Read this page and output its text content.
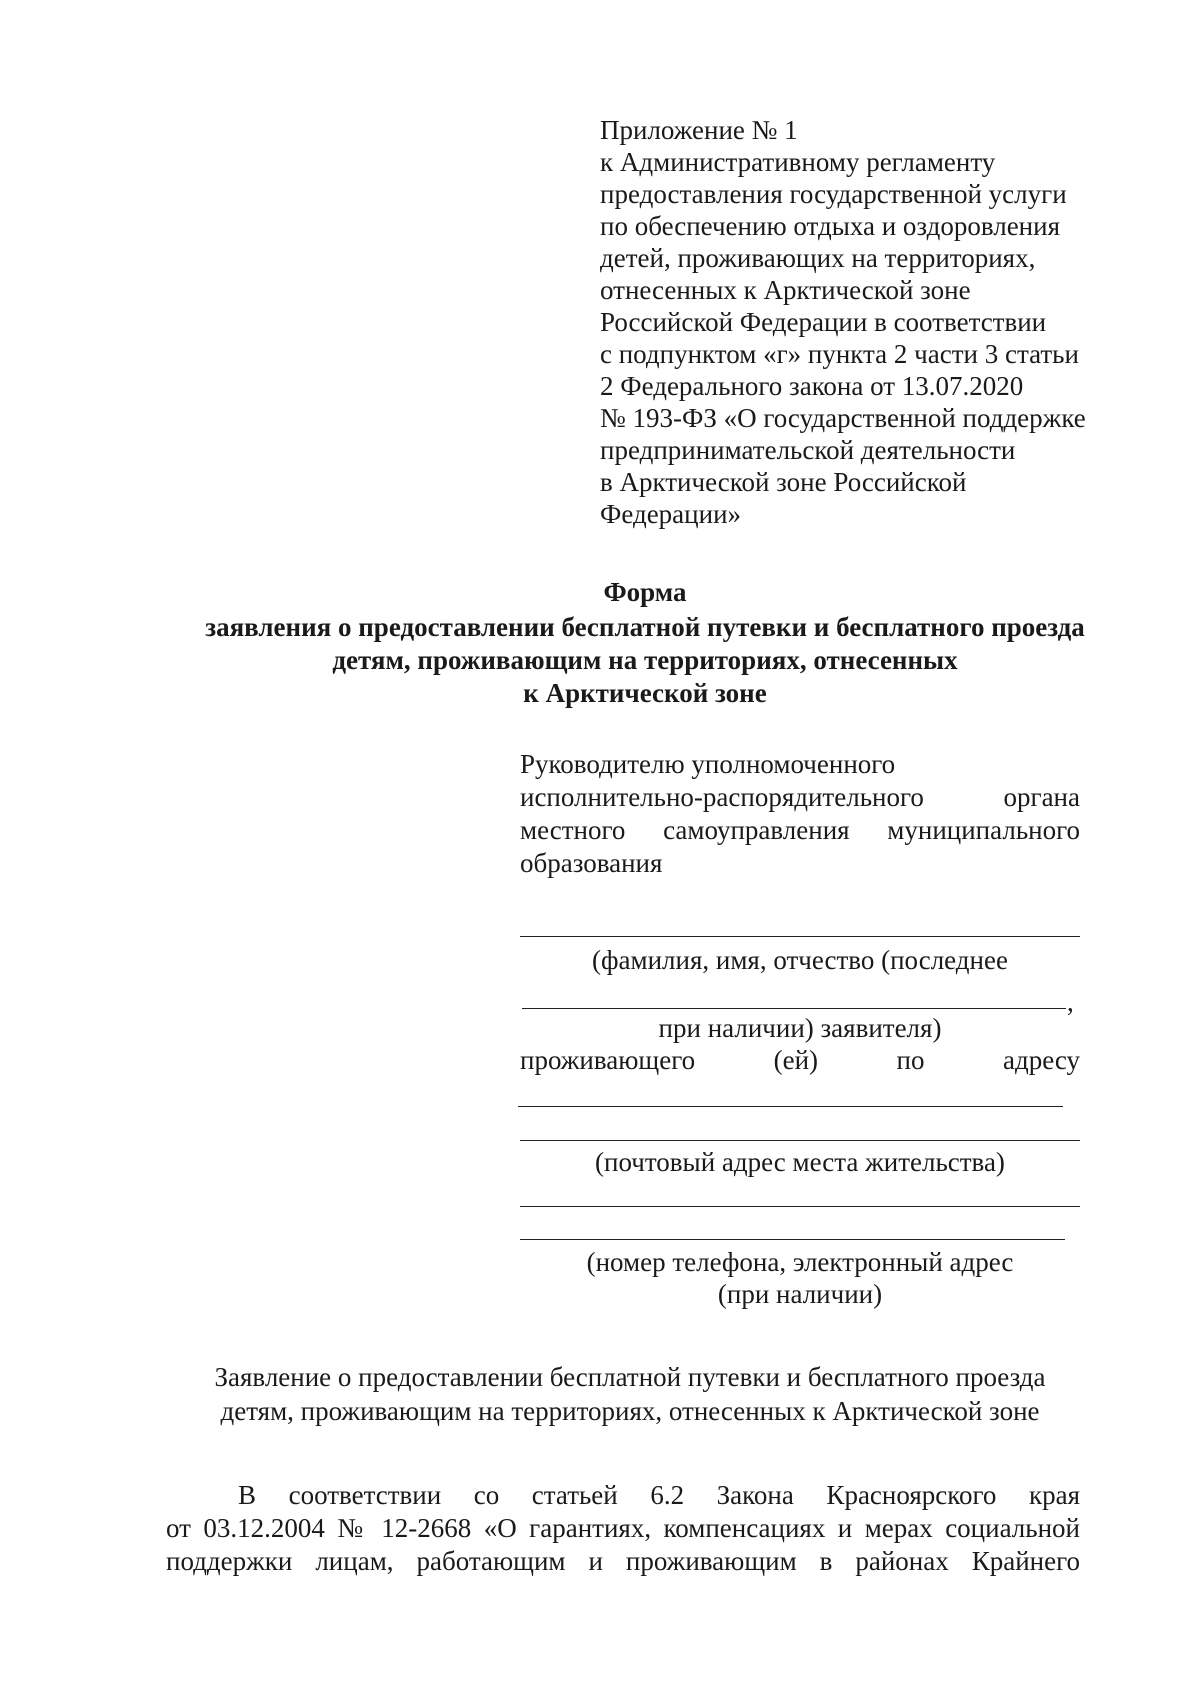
Приложение № 1
к Административному регламенту
предоставления государственной услуги
по обеспечению отдыха и оздоровления
детей, проживающих на территориях,
отнесенных к Арктической зоне
Российской Федерации в соответствии
с подпунктом «г» пункта 2 части 3 статьи
2 Федерального закона от 13.07.2020
№ 193-ФЗ «О государственной поддержке
предпринимательской деятельности
в Арктической зоне Российской
Федерации»
Форма
заявления о предоставлении бесплатной путевки и бесплатного проезда
детям, проживающим на территориях, отнесенных
к Арктической зоне
Руководителю уполномоченного
исполнительно-распорядительного органа
местного самоуправления муниципального
образования
(фамилия, имя, отчество (последнее
,
при наличии) заявителя)
проживающего (ей) по адресу
(почтовый адрес места жительства)
(номер телефона, электронный адрес
(при наличии)
Заявление о предоставлении бесплатной путевки и бесплатного проезда
детям, проживающим на территориях, отнесенных к Арктической зоне
В соответствии со статьей 6.2 Закона Красноярского края
от 03.12.2004 № 12-2668 «О гарантиях, компенсациях и мерах социальной
поддержки лицам, работающим и проживающим в районах Крайнего
